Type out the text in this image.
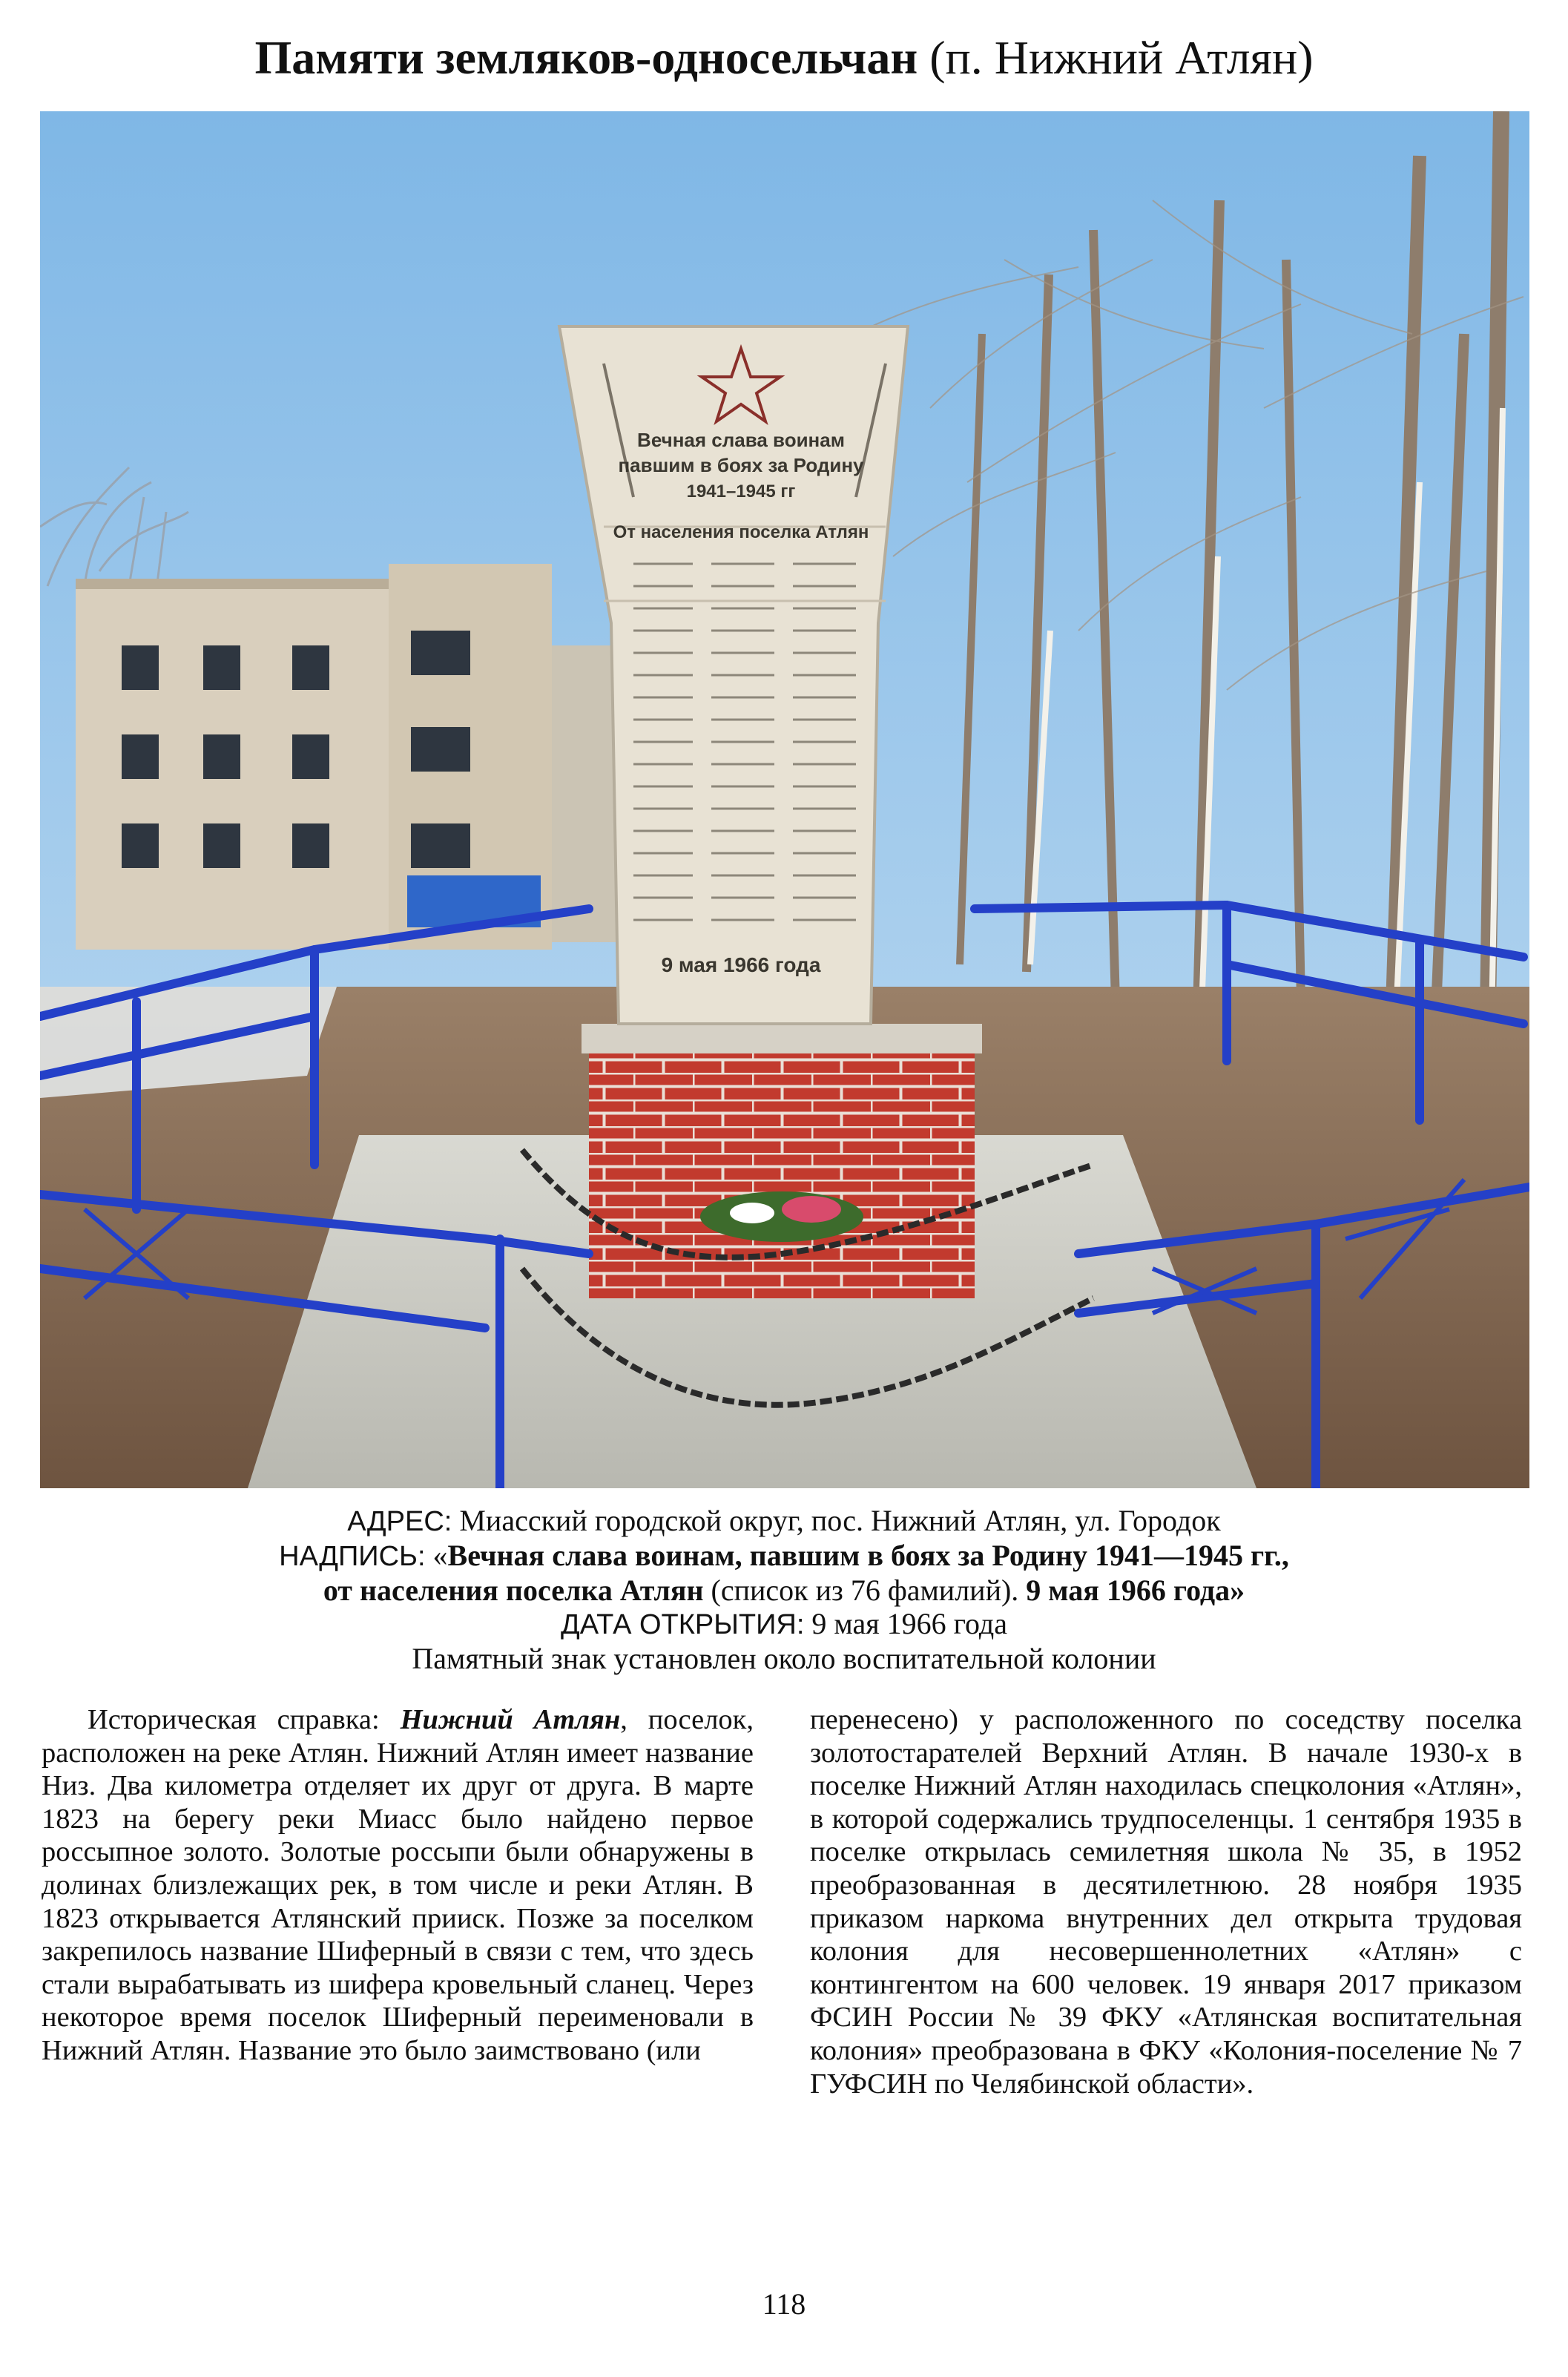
Памяти земляков-односельчан (п. Нижний Атлян)
Вечная слава воинам
павшим в боях за Родину
1941–1945 гг
От населения поселка Атлян
9 мая 1966 года
АДРЕС: Миасский городской округ, пос. Нижний Атлян, ул. Городок
НАДПИСЬ: «Вечная слава воинам, павшим в боях за Родину 1941—1945 гг.,
от населения поселка Атлян (список из 76 фамилий). 9 мая 1966 года»
ДАТА ОТКРЫТИЯ: 9 мая 1966 года
Памятный знак установлен около воспитательной колонии
Историческая справка: Нижний Атлян, поселок, расположен на реке Атлян. Нижний Атлян имеет название Низ. Два километра отделяет их друг от друга. В марте 1823 на берегу реки Миасс было найдено первое россыпное золото. Золотые россыпи были обнаружены в долинах близлежащих рек, в том числе и реки Атлян. В 1823 открывается Атлянский прииск. Позже за поселком закрепилось название Шиферный в связи с тем, что здесь стали вырабатывать из шифера кровельный сланец. Через некоторое время поселок Шиферный переименовали в Нижний Атлян. Название это было заимствовано (или
перенесено) у расположенного по соседству поселка золотостарателей Верхний Атлян. В начале 1930-х в поселке Нижний Атлян находилась спецколония «Атлян», в которой содержались трудпоселенцы. 1 сентября 1935 в поселке открылась семилетняя школа № 35, в 1952 преобразованная в десятилетнюю. 28 ноября 1935 приказом наркома внутренних дел открыта трудовая колония для несовершеннолетних «Атлян» с контингентом на 600 человек. 19 января 2017 приказом ФСИН России № 39 ФКУ «Атлянская воспитательная колония» преобразована в ФКУ «Колония-поселение № 7 ГУФСИН по Челябинской области».
118
